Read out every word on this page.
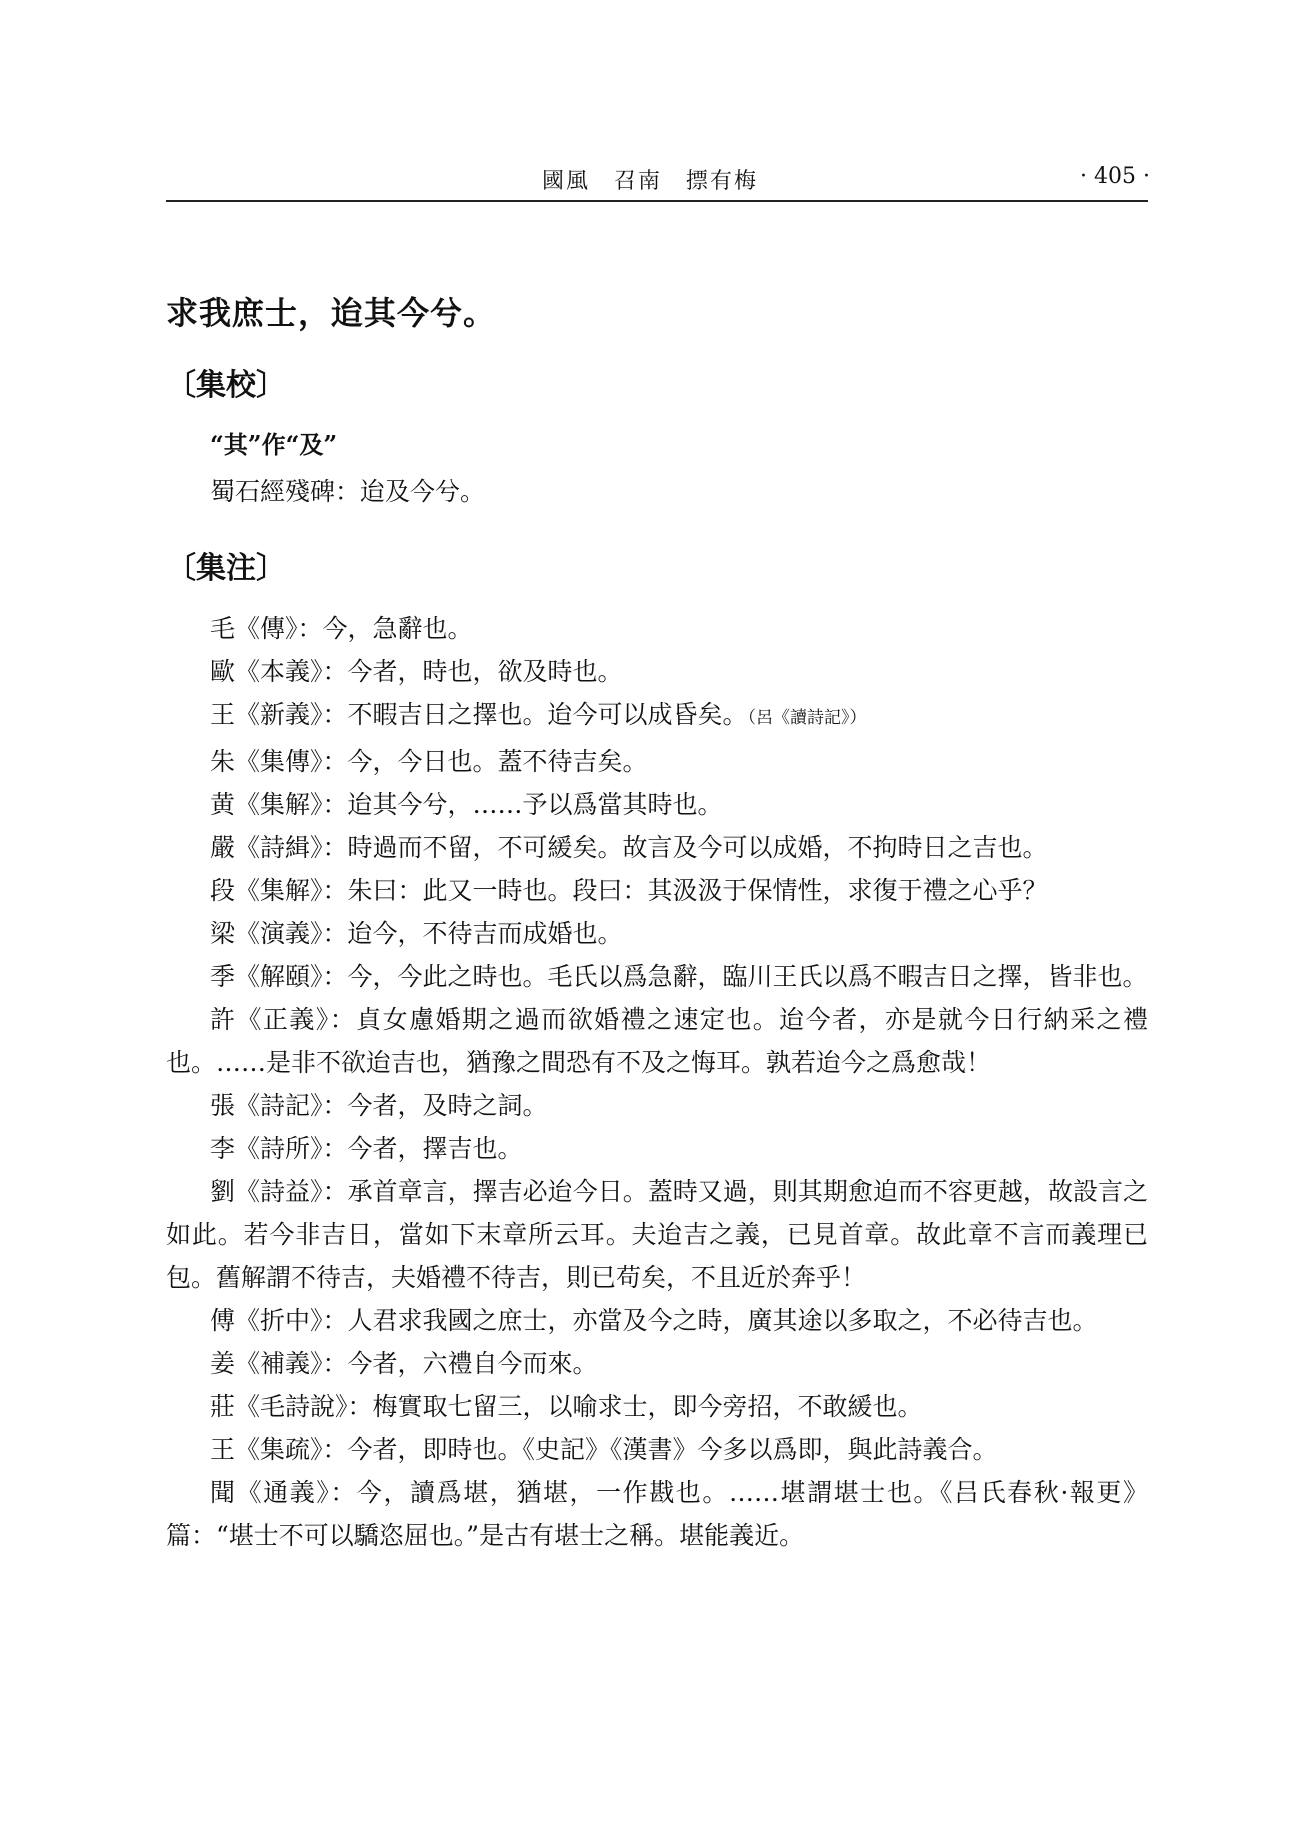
國風　召南　摽有梅	· 405 ·
求我庶士，迨其今兮。
〔集校〕
“其”作“及”
蜀石經殘碑：迨及今兮。
〔集注〕

毛《傳》：今，急辭也。

歐《本義》：今者，時也，欲及時也。

王《新義》：不暇吉日之擇也。迨今可以成昏矣。（呂《讀詩記》）

朱《集傳》：今，今日也。蓋不待吉矣。

黄《集解》：迨其今兮，……予以爲當其時也。

嚴《詩緝》：時過而不留，不可緩矣。故言及今可以成婚，不拘時日之吉也。

段《集解》：朱曰：此又一時也。段曰：其汲汲于保情性，求復于禮之心乎？

梁《演義》：迨今，不待吉而成婚也。

季《解頤》：今，今此之時也。毛氏以爲急辭，臨川王氏以爲不暇吉日之擇，皆非也。

許《正義》：貞女慮婚期之過而欲婚禮之速定也。迨今者，亦是就今日行納采之禮也。……是非不欲迨吉也，猶豫之間恐有不及之悔耳。孰若迨今之爲愈哉！

張《詩記》：今者，及時之詞。

李《詩所》：今者，擇吉也。

劉《詩益》：承首章言，擇吉必迨今日。蓋時又過，則其期愈迫而不容更越，故設言之如此。若今非吉日，當如下末章所云耳。夫迨吉之義，已見首章。故此章不言而義理已包。舊解謂不待吉，夫婚禮不待吉，則已苟矣，不且近於奔乎！

傅《折中》：人君求我國之庶士，亦當及今之時，廣其途以多取之，不必待吉也。

姜《補義》：今者，六禮自今而來。

莊《毛詩說》：梅實取七留三，以喻求士，即今旁招，不敢緩也。

王《集疏》：今者，即時也。《史記》《漢書》今多以爲即，與此詩義合。

聞《通義》：今，讀爲堪，猶堪，一作戡也。……堪謂堪士也。《吕氏春秋·報更》篇：“堪士不可以驕恣屈也。”是古有堪士之稱。堪能義近。
